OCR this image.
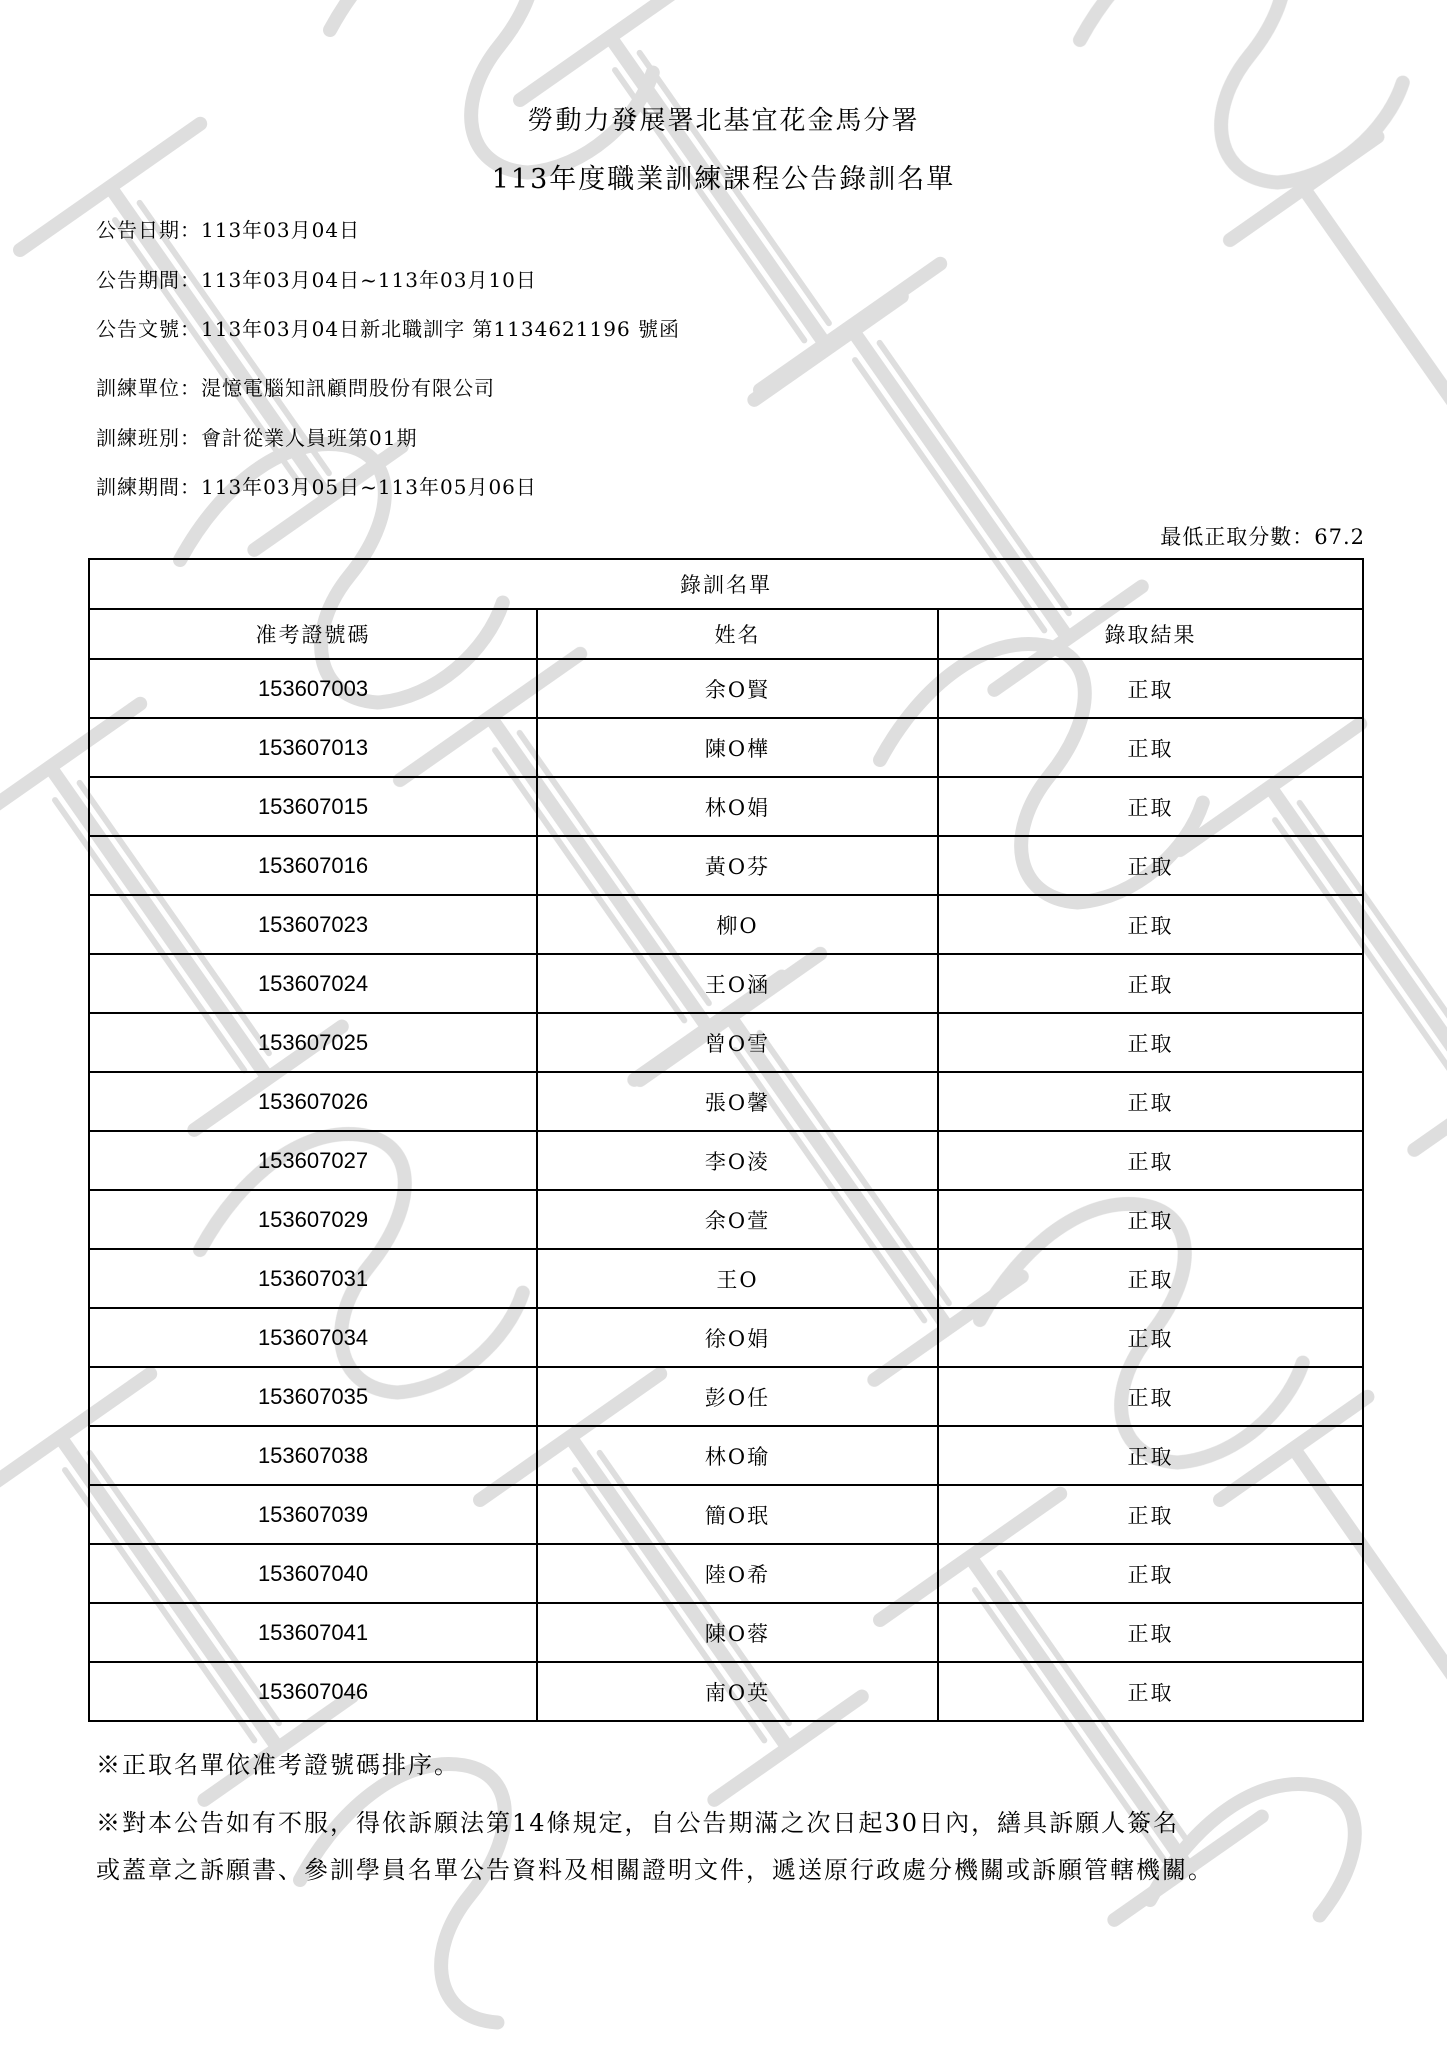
勞動力發展署北基宜花金馬分署
113年度職業訓練課程公告錄訓名單
公告日期：113年03月04日
公告期間：113年03月04日~113年03月10日
公告文號：113年03月04日新北職訓字 第1134621196 號函
訓練單位：湜憶電腦知訊顧問股份有限公司
訓練班別：會計從業人員班第01期
訓練期間：113年03月05日~113年05月06日
最低正取分數：67.2
錄訓名單		
准考證號碼	姓名	錄取結果
153607003	余O賢	正取
153607013	陳O樺	正取
153607015	林O娟	正取
153607016	黃O芬	正取
153607023	柳O	正取
153607024	王O涵	正取
153607025	曾O雪	正取
153607026	張O馨	正取
153607027	李O淩	正取
153607029	余O萱	正取
153607031	王O	正取
153607034	徐O娟	正取
153607035	彭O任	正取
153607038	林O瑜	正取
153607039	簡O珉	正取
153607040	陸O希	正取
153607041	陳O蓉	正取
153607046	南O英	正取
※正取名單依准考證號碼排序。
※對本公告如有不服，得依訴願法第14條規定，自公告期滿之次日起30日內，繕具訴願人簽名
或蓋章之訴願書、參訓學員名單公告資料及相關證明文件，遞送原行政處分機關或訴願管轄機關。
